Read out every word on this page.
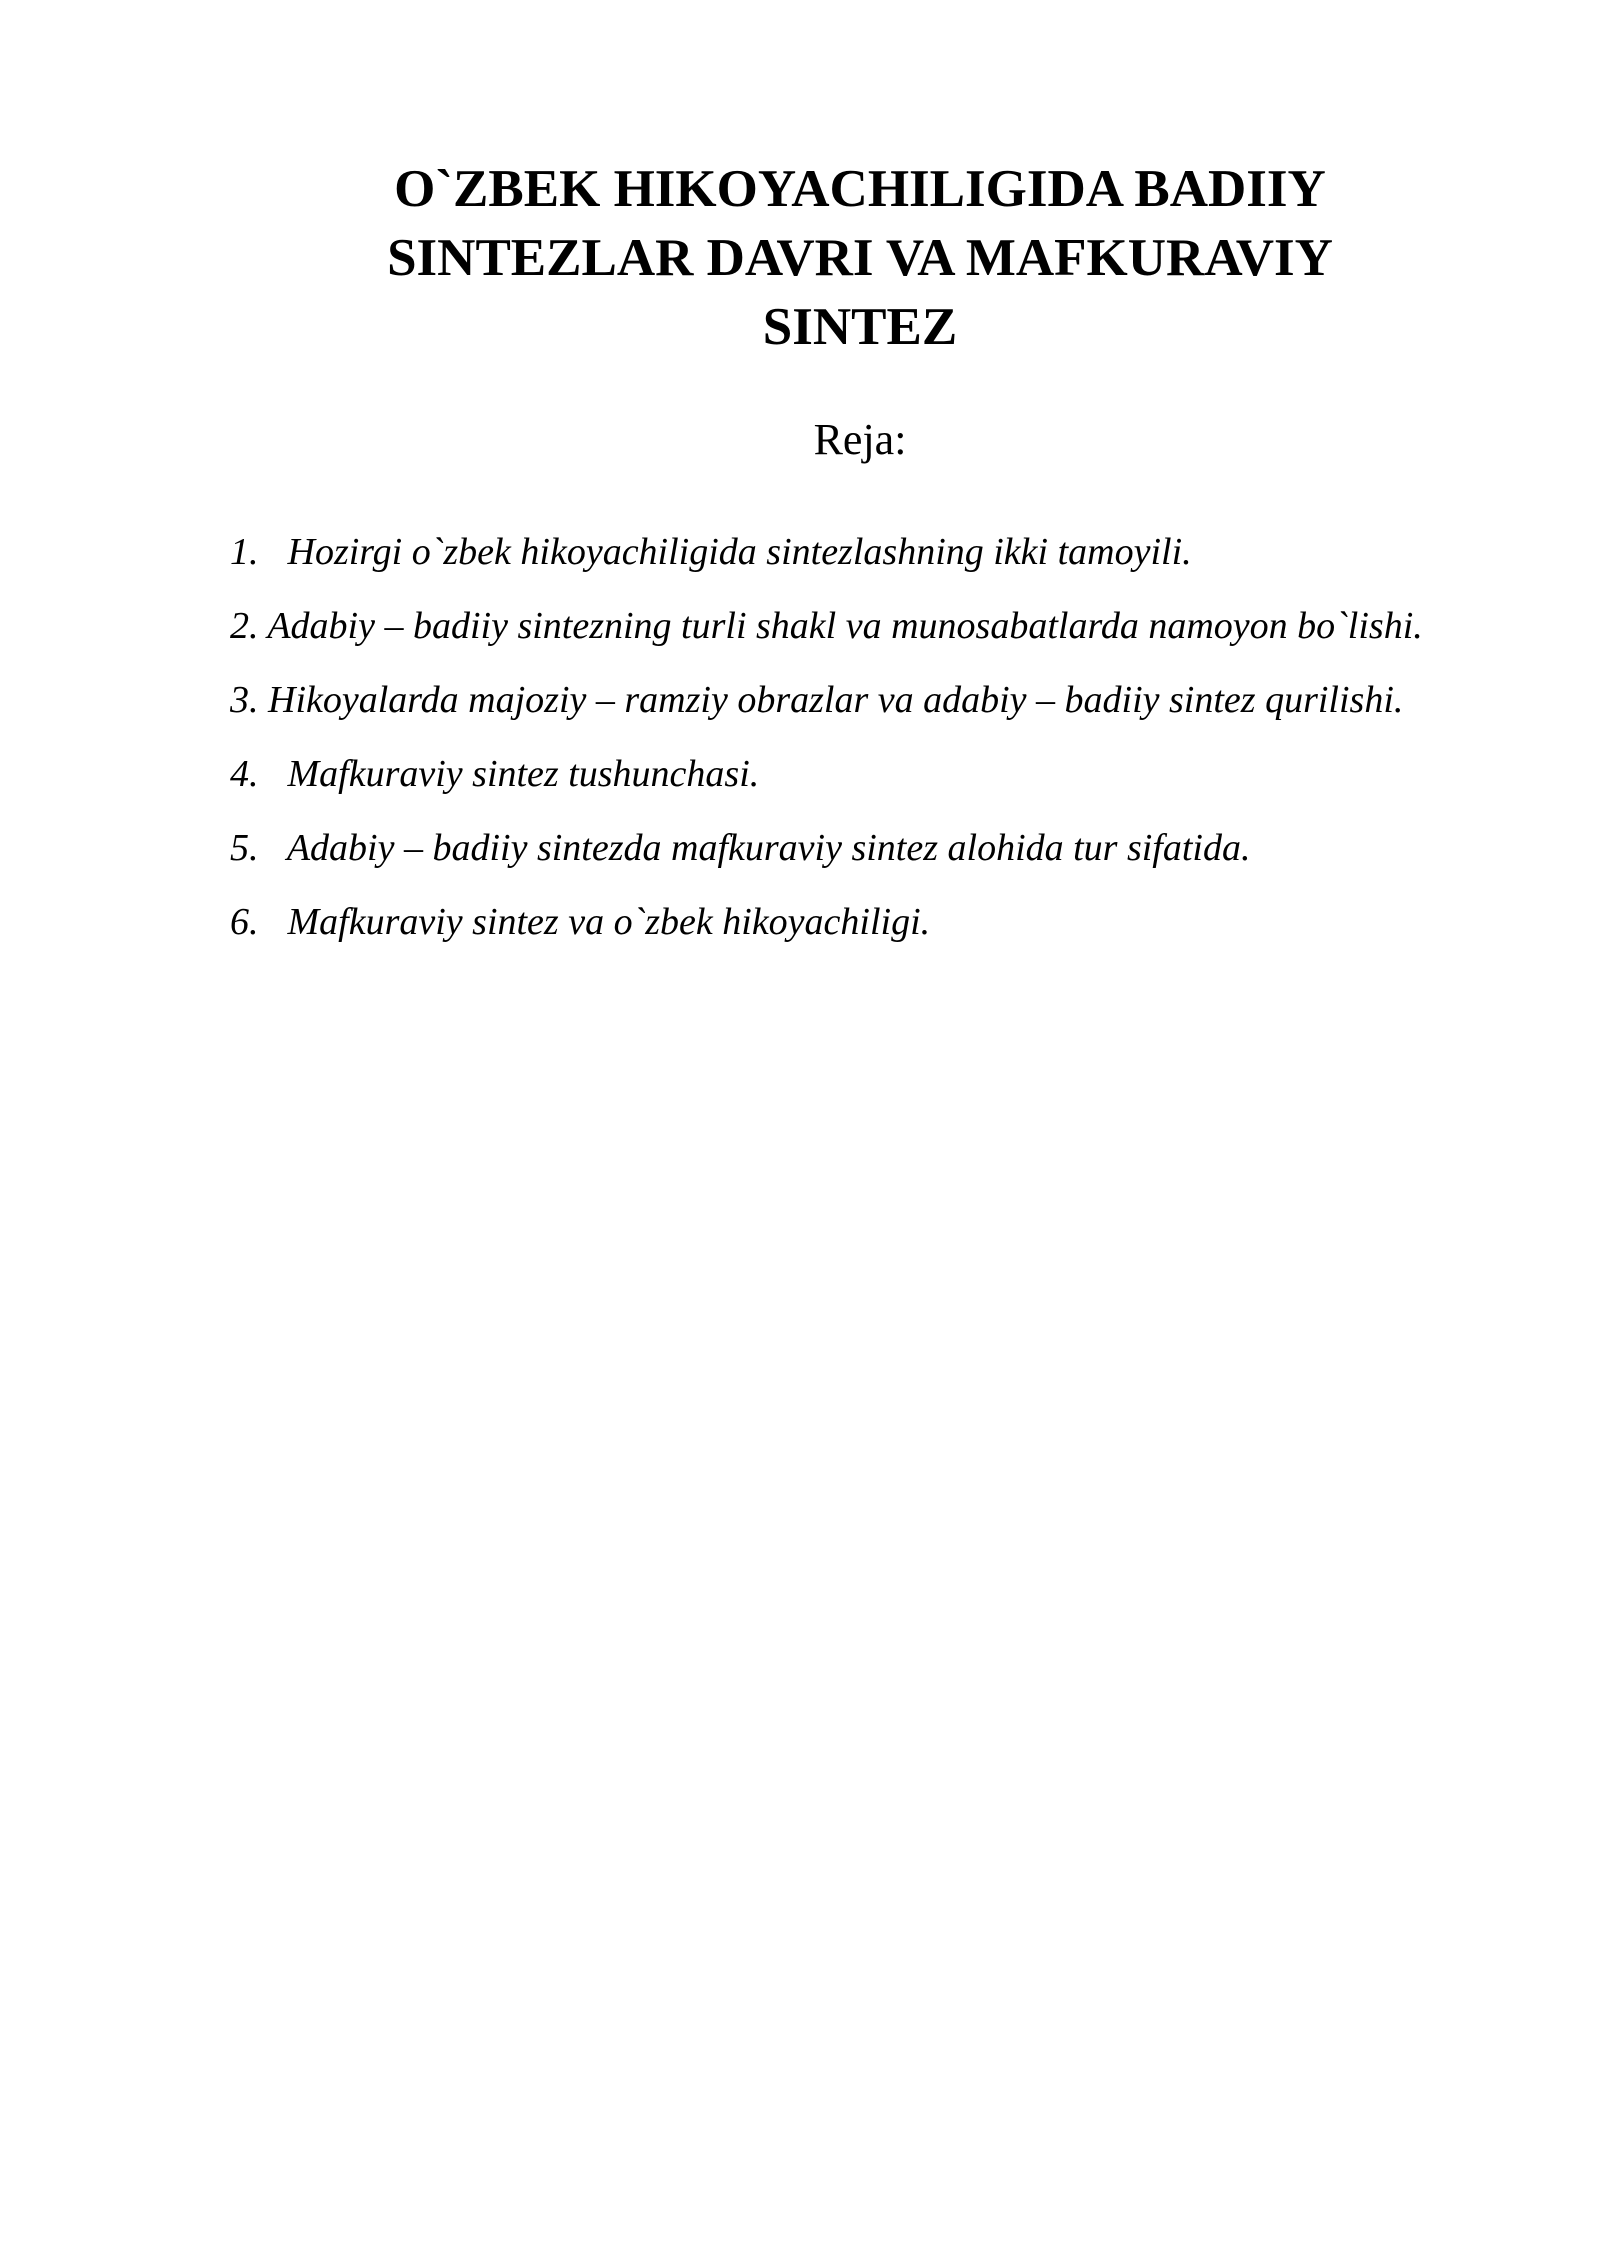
O`ZBEK HIKOYACHILIGIDA BADIIY
SINTEZLAR DAVRI VA MAFKURAVIY
SINTEZ
Reja:
1. Hozirgi o`zbek hikoyachiligida sintezlashning ikki tamoyili.
2. Adabiy – badiiy sintezning turli shakl va munosabatlarda namoyon bo`lishi.
3. Hikoyalarda majoziy – ramziy obrazlar va adabiy – badiiy sintez qurilishi.
4. Mafkuraviy sintez tushunchasi.
5. Adabiy – badiiy sintezda mafkuraviy sintez alohida tur sifatida.
6. Mafkuraviy sintez va o`zbek hikoyachiligi.
